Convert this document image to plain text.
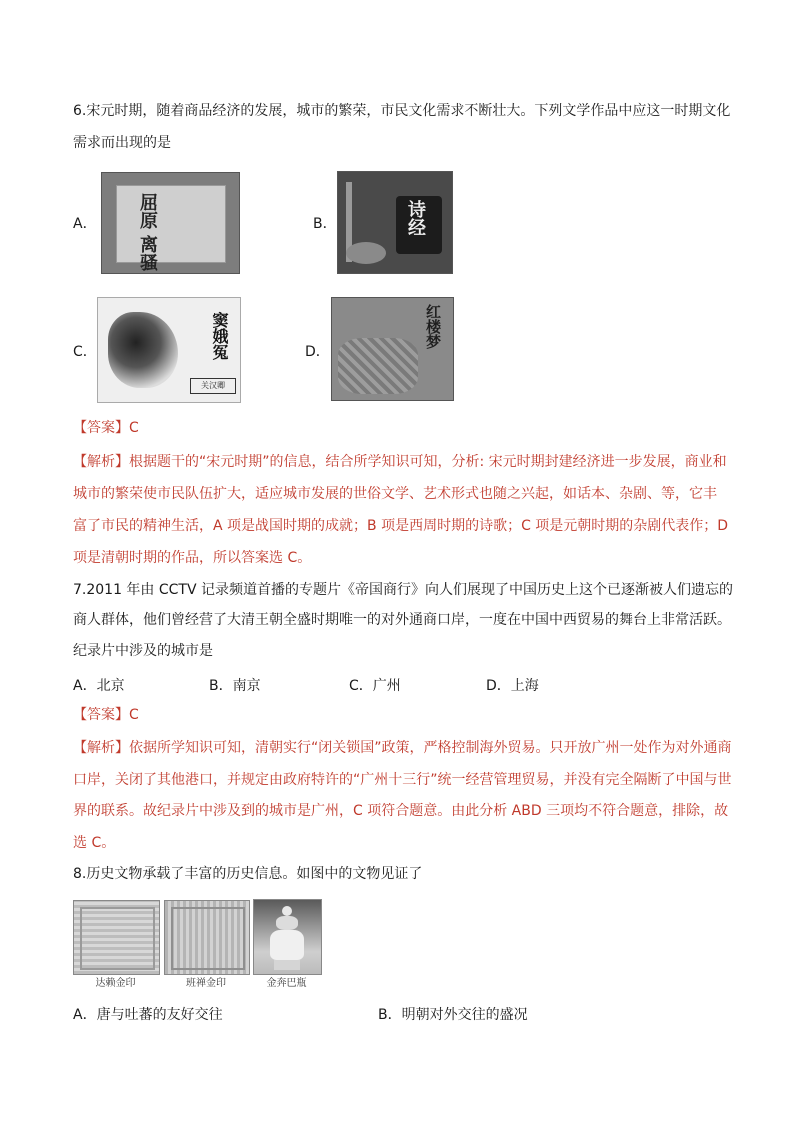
6.宋元时期，随着商品经济的发展，城市的繁荣，市民文化需求不断壮大。下列文学作品中应这一时期文化
需求而出现的是
A． 屈原 离骚	B．	诗经
C．	窦娥冤
关汉卿
D．
红楼梦
【答案】C
【解析】根据题干的“宋元时期”的信息，结合所学知识可知，分析: 宋元时期封建经济进一步发展，商业和
城市的繁荣使市民队伍扩大，适应城市发展的世俗文学、艺术形式也随之兴起，如话本、杂剧、等，它丰
富了市民的精神生活，A 项是战国时期的成就；B 项是西周时期的诗歌；C 项是元朝时期的杂剧代表作；D
项是清朝时期的作品，所以答案选 C。
7.2011 年由 CCTV 记录频道首播的专题片《帝国商行》向人们展现了中国历史上这个已逐渐被人们遗忘的
商人群体，他们曾经营了大清王朝全盛时期唯一的对外通商口岸，一度在中国中西贸易的舞台上非常活跃。
纪录片中涉及的城市是
A．北京	B．南京	C．广州	D．上海
【答案】C
【解析】依据所学知识可知，清朝实行“闭关锁国”政策，严格控制海外贸易。只开放广州一处作为对外通商
口岸，关闭了其他港口，并规定由政府特许的“广州十三行”统一经营管理贸易，并没有完全隔断了中国与世
界的联系。故纪录片中涉及到的城市是广州，C 项符合题意。由此分析 ABD 三项均不符合题意，排除，故
选 C。
8.历史文物承载了丰富的历史信息。如图中的文物见证了
达赖金印	班禅金印	金奔巴瓶
A．唐与吐蕃的友好交往	B．明朝对外交往的盛况
